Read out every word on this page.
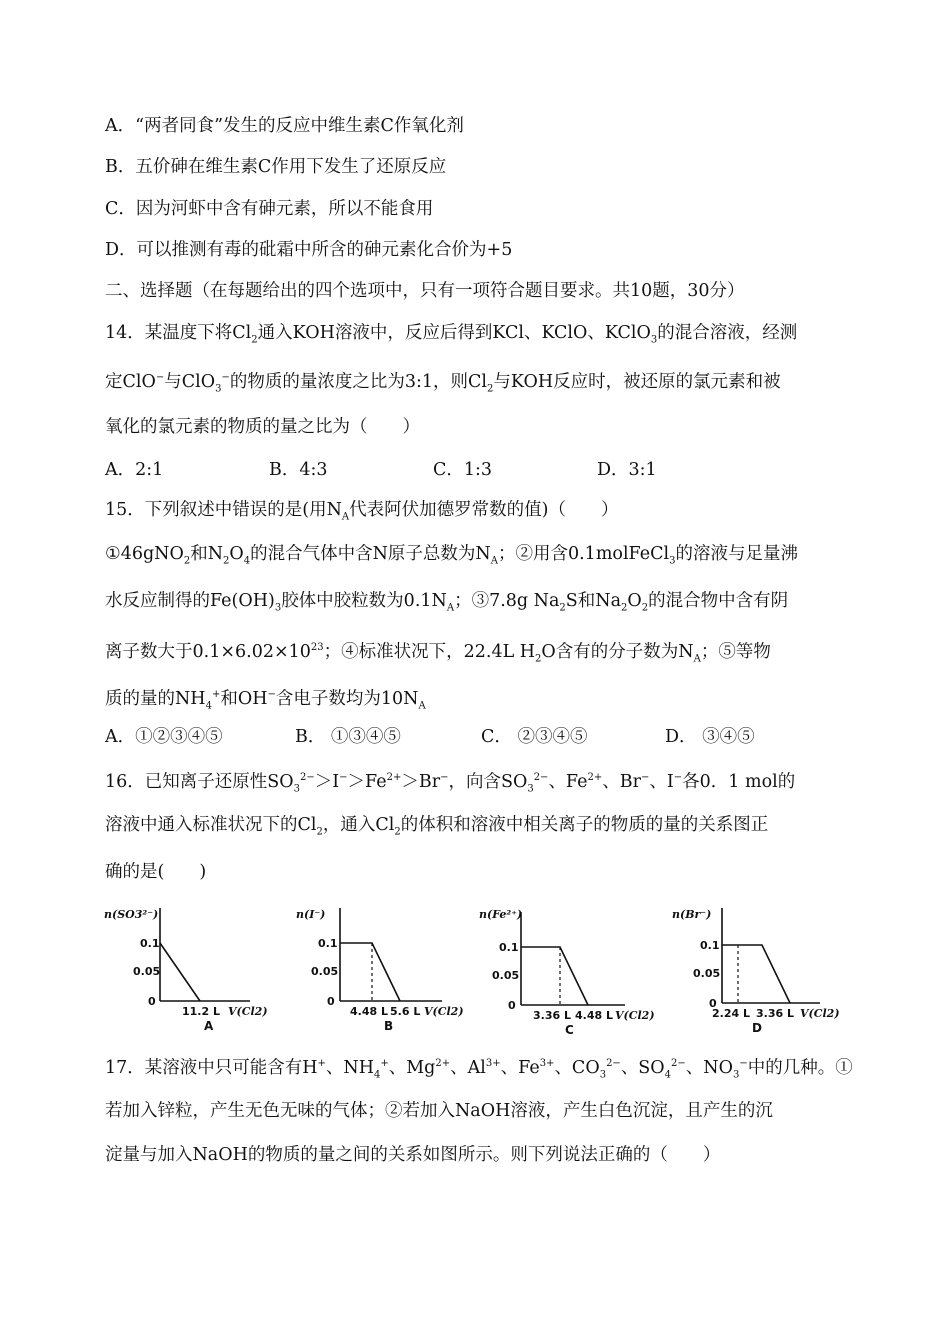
A．“两者同食”发生的反应中维生素C作氧化剂
B．五价砷在维生素C作用下发生了还原反应
C．因为河虾中含有砷元素，所以不能食用
D．可以推测有毒的砒霜中所含的砷元素化合价为+5
二、选择题（在每题给出的四个选项中，只有一项符合题目要求。共10题，30分）
14．某温度下将$Cl_2$通入KOH溶液中，反应后得到KCl、KClO、KClO$_3$的混合溶液，经测
定ClO−与ClO$_3$−的物质的量浓度之比为3:1，则$Cl_2$与KOH反应时，被还原的氯元素和被
氧化的氯元素的物质的量之比为（　　）
A．2:1	B．4:3	C．1:3	D．3:1
15．下列叙述中错误的是(用$N_A$代表阿伏加德罗常数的值)（　　）
①46gNO$_2$和$N_2O_4$的混合气体中含N原子总数为$N_A$；②用含0.1molFeCl$_3$的溶液与足量沸
水反应制得的$Fe(OH)_3$胶体中胶粒数为$0.1N_A$；③7.8g $Na_2S$和$Na_2O_2$的混合物中含有阴
离子数大于$0.1\times 6.02\times 10^{23}$；④标准状况下，22.4L $H_2O$含有的分子数为$N_A$；⑤等物
质的量的$NH_4^+$和OH−含电子数均为$10N_A$
A．①②③④⑤	B． ①③④⑤	C． ②③④⑤	D． ③④⑤
16．已知离子还原性$SO_3^{2-}>I^->Fe^{2+}>Br^-$，向含$SO_3^{2-}$、$Fe^{2+}$、Br−、I−各0．1 mol的
溶液中通入标准状况下的$Cl_2$，通入$Cl_2$的体积和溶液中相关离子的物质的量的关系图正
确的是(　　)
n(SO3²⁻)
0.1
0.05
0
11.2 L V(Cl2)
A
n(I⁻)
0.1
0.05
0
4.48 L 5.6 L V(Cl2)
B
n(Fe²⁺)
0.1
0.05
0
3.36 L 4.48 L V(Cl2)
C
n(Br⁻)
0.1
0.05
0
2.24 L 3.36 L V(Cl2)
D
17．某溶液中只可能含有H+、$NH_4^+$、$Mg^{2+}$、$Al^{3+}$、$Fe^{3+}$、$CO_3^{2-}$、$SO_4^{2-}$、$NO_3^-$中的几种。①
若加入锌粒，产生无色无味的气体；②若加入NaOH溶液，产生白色沉淀，且产生的沉
淀量与加入NaOH的物质的量之间的关系如图所示。则下列说法正确的（　　）
